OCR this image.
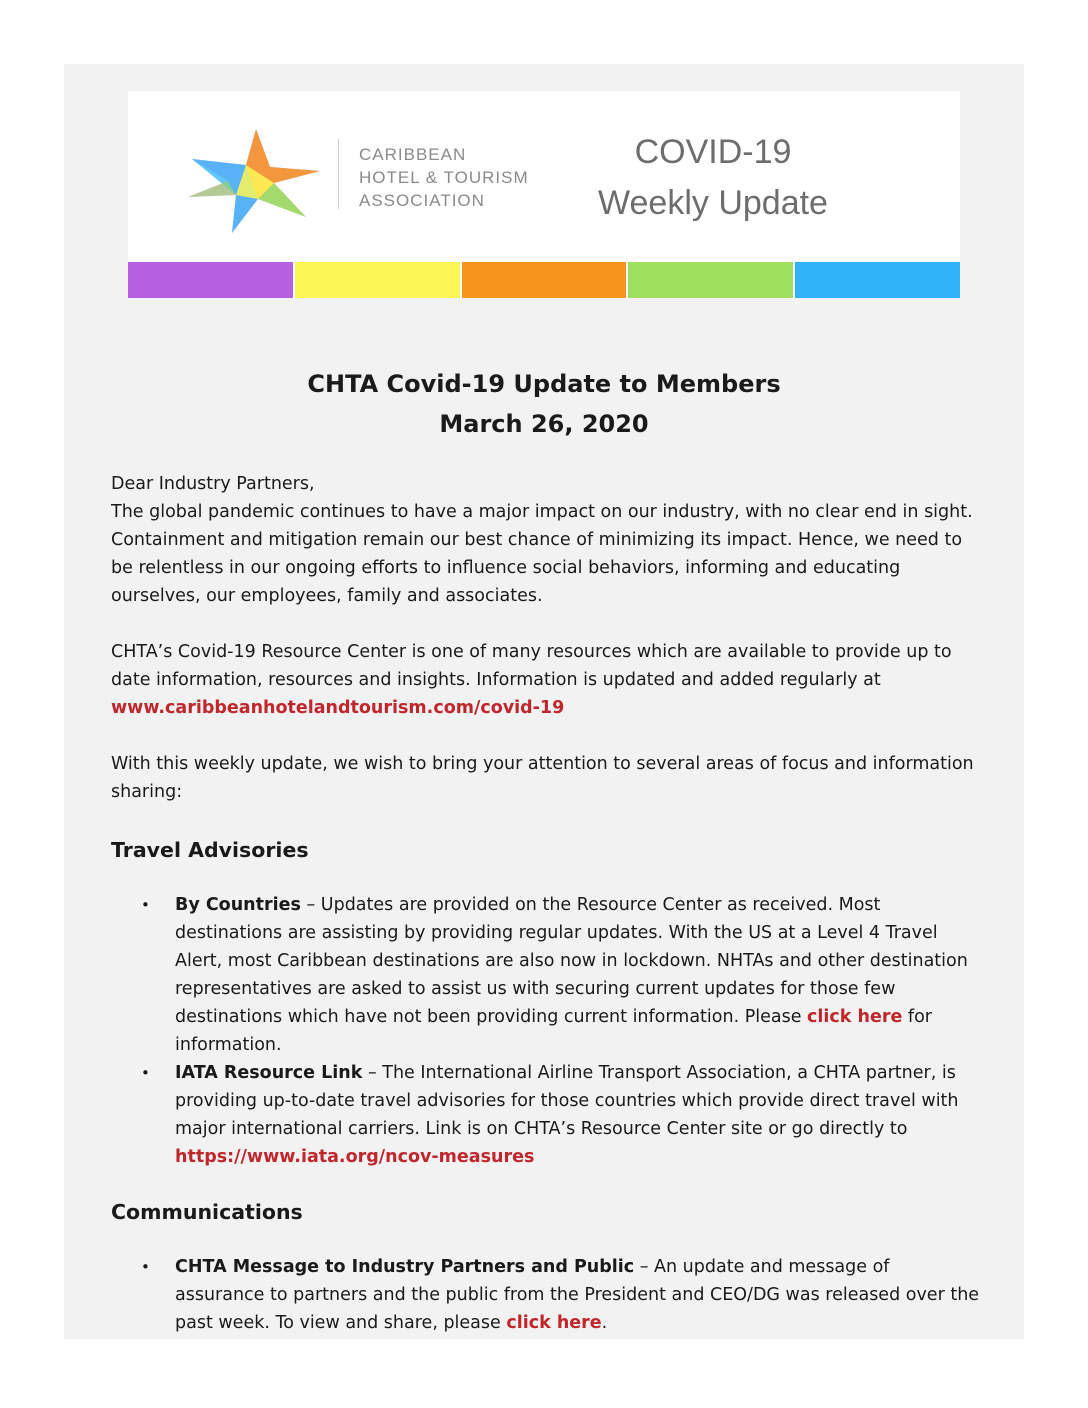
CARIBBEAN
HOTEL & TOURISM
ASSOCIATION
COVID-19
Weekly Update
CHTA Covid-19 Update to Members
March 26, 2020

Dear Industry Partners,

The global pandemic continues to have a major impact on our industry, with no clear end in sight. Containment and mitigation remain our best chance of minimizing its impact. Hence, we need to be relentless in our ongoing efforts to influence social behaviors, informing and educating ourselves, our employees, family and associates.

CHTA’s Covid-19 Resource Center is one of many resources which are available to provide up to date information, resources and insights. Information is updated and added regularly at www.caribbeanhotelandtourism.com/covid-19

With this weekly update, we wish to bring your attention to several areas of focus and information sharing:

Travel Advisories
• By Countries – Updates are provided on the Resource Center as received. Most destinations are assisting by providing regular updates. With the US at a Level 4 Travel Alert, most Caribbean destinations are also now in lockdown. NHTAs and other destination representatives are asked to assist us with securing current updates for those few destinations which have not been providing current information. Please click here for information.
• IATA Resource Link – The International Airline Transport Association, a CHTA partner, is providing up-to-date travel advisories for those countries which provide direct travel with major international carriers. Link is on CHTA’s Resource Center site or go directly to https://www.iata.org/ncov-measures
Communications
• CHTA Message to Industry Partners and Public – An update and message of assurance to partners and the public from the President and CEO/DG was released over the past week. To view and share, please click here.
